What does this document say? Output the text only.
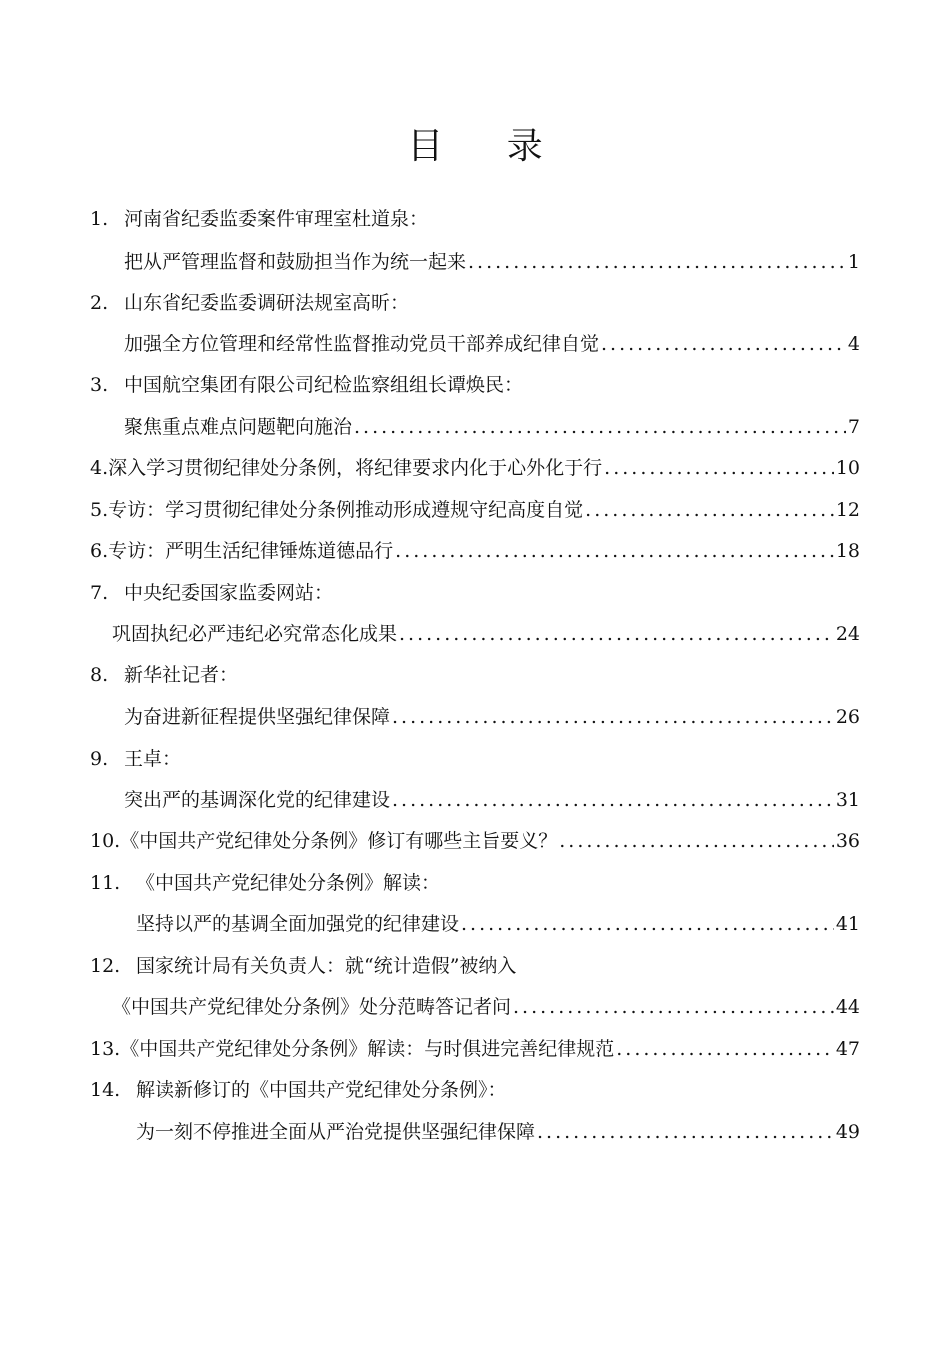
目 录
1. 河南省纪委监委案件审理室杜道泉：
把从严管理监督和鼓励担当作为统一起来 .....	1
2. 山东省纪委监委调研法规室高昕：
加强全方位管理和经常性监督推动党员干部养成纪律自觉 .....	4
3. 中国航空集团有限公司纪检监察组组长谭焕民：
聚焦重点难点问题靶向施治 .....	7
4. 深入学习贯彻纪律处分条例，将纪律要求内化于心外化于行 .....	10
5. 专访：学习贯彻纪律处分条例推动形成遵规守纪高度自觉 .....	12
6. 专访：严明生活纪律锤炼道德品行 .....	18
7. 中央纪委国家监委网站：
巩固执纪必严违纪必究常态化成果 .....	24
8. 新华社记者：
为奋进新征程提供坚强纪律保障 .....	26
9. 王卓：
突出严的基调深化党的纪律建设 .....	31
10. 《中国共产党纪律处分条例》修订有哪些主旨要义？ .....	36
11. 《中国共产党纪律处分条例》解读：
坚持以严的基调全面加强党的纪律建设 .....	41
12. 国家统计局有关负责人：就“统计造假”被纳入
《中国共产党纪律处分条例》处分范畴答记者问 .....	44
13. 《中国共产党纪律处分条例》解读：与时俱进完善纪律规范 .....	47
14. 解读新修订的《中国共产党纪律处分条例》：
为一刻不停推进全面从严治党提供坚强纪律保障 .....	49
